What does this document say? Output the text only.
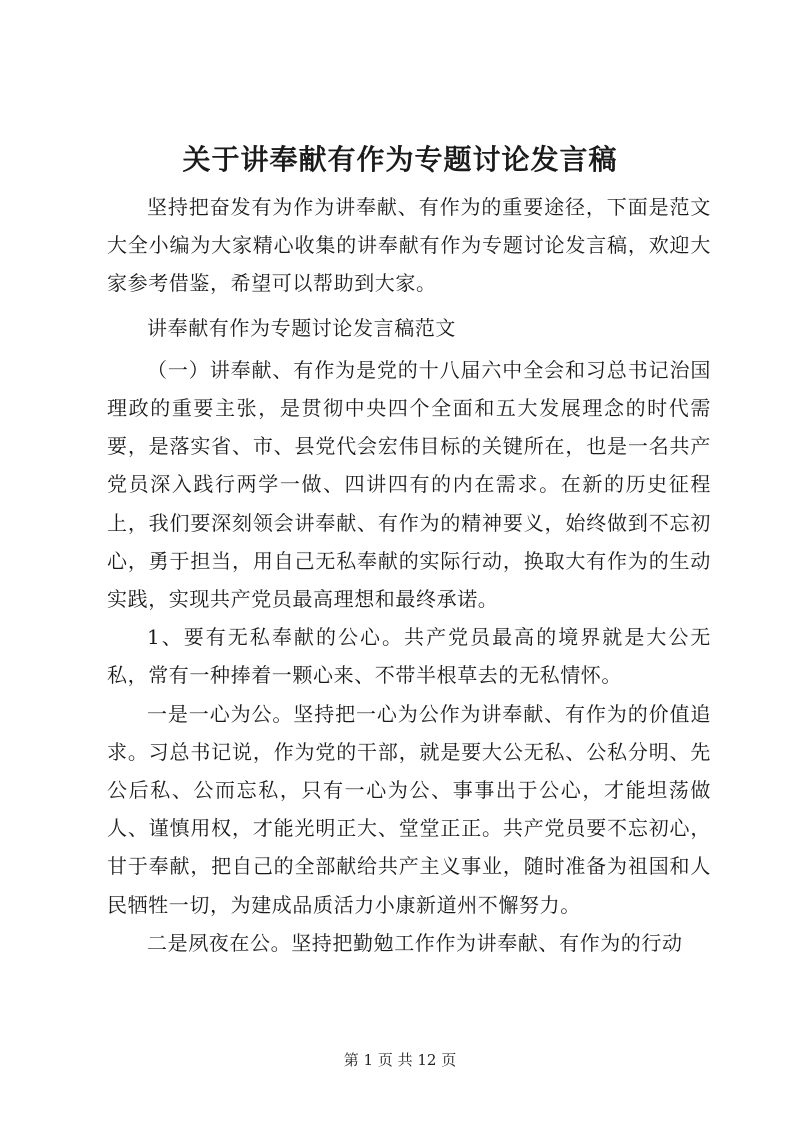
关于讲奉献有作为专题讨论发言稿

坚持把奋发有为作为讲奉献、有作为的重要途径，下面是范文大全小编为大家精心收集的讲奉献有作为专题讨论发言稿，欢迎大家参考借鉴，希望可以帮助到大家。

讲奉献有作为专题讨论发言稿范文

（一）讲奉献、有作为是党的十八届六中全会和习总书记治国理政的重要主张，是贯彻中央四个全面和五大发展理念的时代需要，是落实省、市、县党代会宏伟目标的关键所在，也是一名共产党员深入践行两学一做、四讲四有的内在需求。在新的历史征程上，我们要深刻领会讲奉献、有作为的精神要义，始终做到不忘初心，勇于担当，用自己无私奉献的实际行动，换取大有作为的生动实践，实现共产党员最高理想和最终承诺。

1、要有无私奉献的公心。共产党员最高的境界就是大公无私，常有一种捧着一颗心来、不带半根草去的无私情怀。

一是一心为公。坚持把一心为公作为讲奉献、有作为的价值追求。习总书记说，作为党的干部，就是要大公无私、公私分明、先公后私、公而忘私，只有一心为公、事事出于公心，才能坦荡做人、谨慎用权，才能光明正大、堂堂正正。共产党员要不忘初心，甘于奉献，把自己的全部献给共产主义事业，随时准备为祖国和人民牺牲一切，为建成品质活力小康新道州不懈努力。

二是夙夜在公。坚持把勤勉工作作为讲奉献、有作为的行动

第 1 页 共 12 页
